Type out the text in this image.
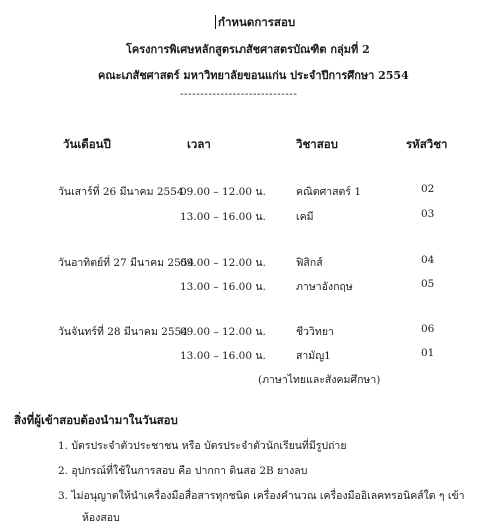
กำหนดการสอบ
โครงการพิเศษหลักสูตรเภสัชศาสตรบัณฑิต กลุ่มที่ 2
คณะเภสัชศาสตร์ มหาวิทยาลัยขอนแก่น ประจำปีการศึกษา 2554
-----------------------------
วันเดือนปี	เวลา	วิชาสอบ	รหัสวิชา
วันเสาร์ที่ 26 มีนาคม 2554
09.00 – 12.00 น.	คณิตศาสตร์ 1	02
13.00 – 16.00 น.	เคมี	03
วันอาทิตย์ที่ 27 มีนาคม 2554
09.00 – 12.00 น.	ฟิสิกส์	04
13.00 – 16.00 น.	ภาษาอังกฤษ	05
วันจันทร์ที่ 28 มีนาคม 2554
09.00 – 12.00 น.	ชีววิทยา	06
13.00 – 16.00 น.	สามัญ1	01
(ภาษาไทยและสังคมศึกษา)
สิ่งที่ผู้เข้าสอบต้องนำมาในวันสอบ
1. บัตรประจำตัวประชาชน หรือ บัตรประจำตัวนักเรียนที่มีรูปถ่าย
2. อุปกรณ์ที่ใช้ในการสอบ คือ ปากกา ดินสอ 2B ยางลบ
3. ไม่อนุญาตให้นำเครื่องมือสื่อสารทุกชนิด เครื่องคำนวณ เครื่องมืออิเลคทรอนิคส์ใด ๆ เข้า
ห้องสอบ
